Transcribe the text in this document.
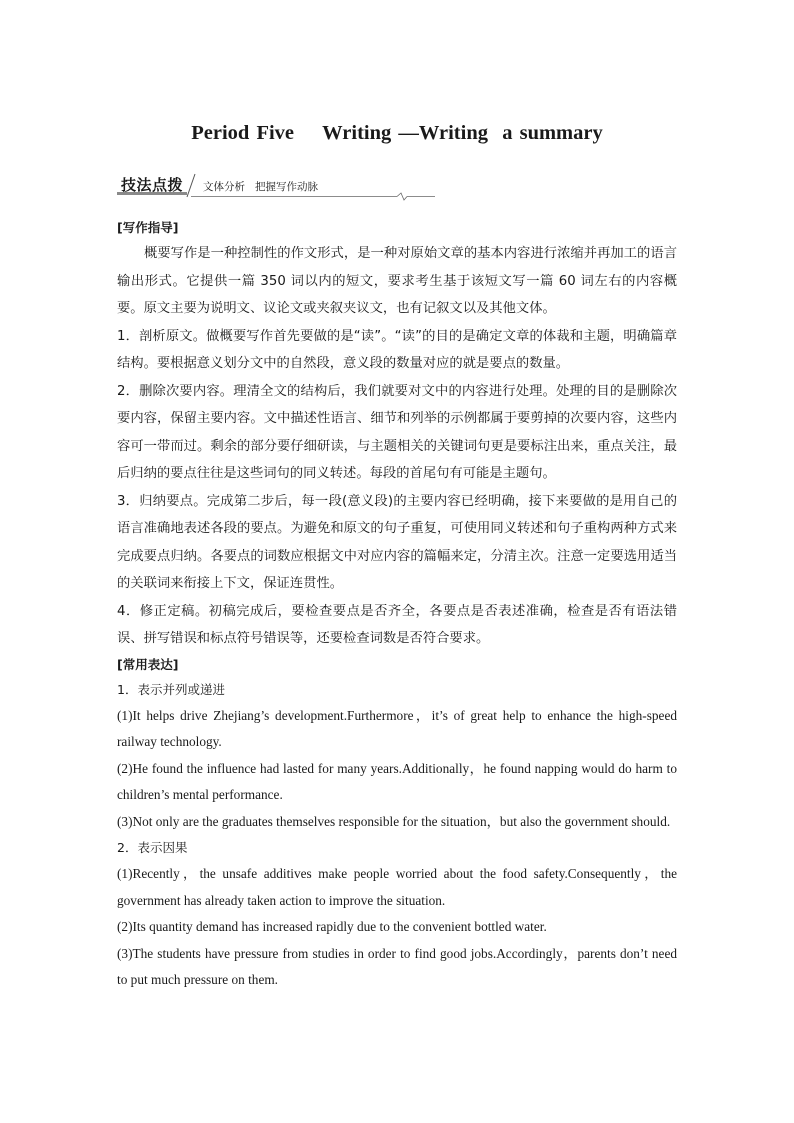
Period Five    Writing —Writing  a summary
技法点拨 文体分析   把握写作动脉
[写作指导]
概要写作是一种控制性的作文形式，是一种对原始文章的基本内容进行浓缩并再加工的语言输出形式。它提供一篇 350 词以内的短文，要求考生基于该短文写一篇 60 词左右的内容概要。原文主要为说明文、议论文或夹叙夹议文，也有记叙文以及其他文体。
1．剖析原文。做概要写作首先要做的是“读”。“读”的目的是确定文章的体裁和主题，明确篇章结构。要根据意义划分文中的自然段，意义段的数量对应的就是要点的数量。
2．删除次要内容。理清全文的结构后，我们就要对文中的内容进行处理。处理的目的是删除次要内容，保留主要内容。文中描述性语言、细节和列举的示例都属于要剪掉的次要内容，这些内容可一带而过。剩余的部分要仔细研读，与主题相关的关键词句更是要标注出来，重点关注，最后归纳的要点往往是这些词句的同义转述。每段的首尾句有可能是主题句。
3．归纳要点。完成第二步后，每一段(意义段)的主要内容已经明确，接下来要做的是用自己的语言准确地表述各段的要点。为避免和原文的句子重复，可使用同义转述和句子重构两种方式来完成要点归纳。各要点的词数应根据文中对应内容的篇幅来定，分清主次。注意一定要选用适当的关联词来衔接上下文，保证连贯性。
4．修正定稿。初稿完成后，要检查要点是否齐全，各要点是否表述准确，检查是否有语法错误、拼写错误和标点符号错误等，还要检查词数是否符合要求。
[常用表达]
1．表示并列或递进
(1)It helps drive Zhejiang’s development.Furthermore，it’s of great help to enhance the high-speed railway technology.
(2)He found the influence had lasted for many years.Additionally，he found napping would do harm to children’s mental performance.
(3)Not only are the graduates themselves responsible for the situation，but also the government should.
2．表示因果
(1)Recently，the unsafe additives make people worried about the food safety.Consequently，the government has already taken action to improve the situation.
(2)Its quantity demand has increased rapidly due to the convenient bottled water.
(3)The students have pressure from studies in order to find good jobs.Accordingly，parents don’t need to put much pressure on them.
